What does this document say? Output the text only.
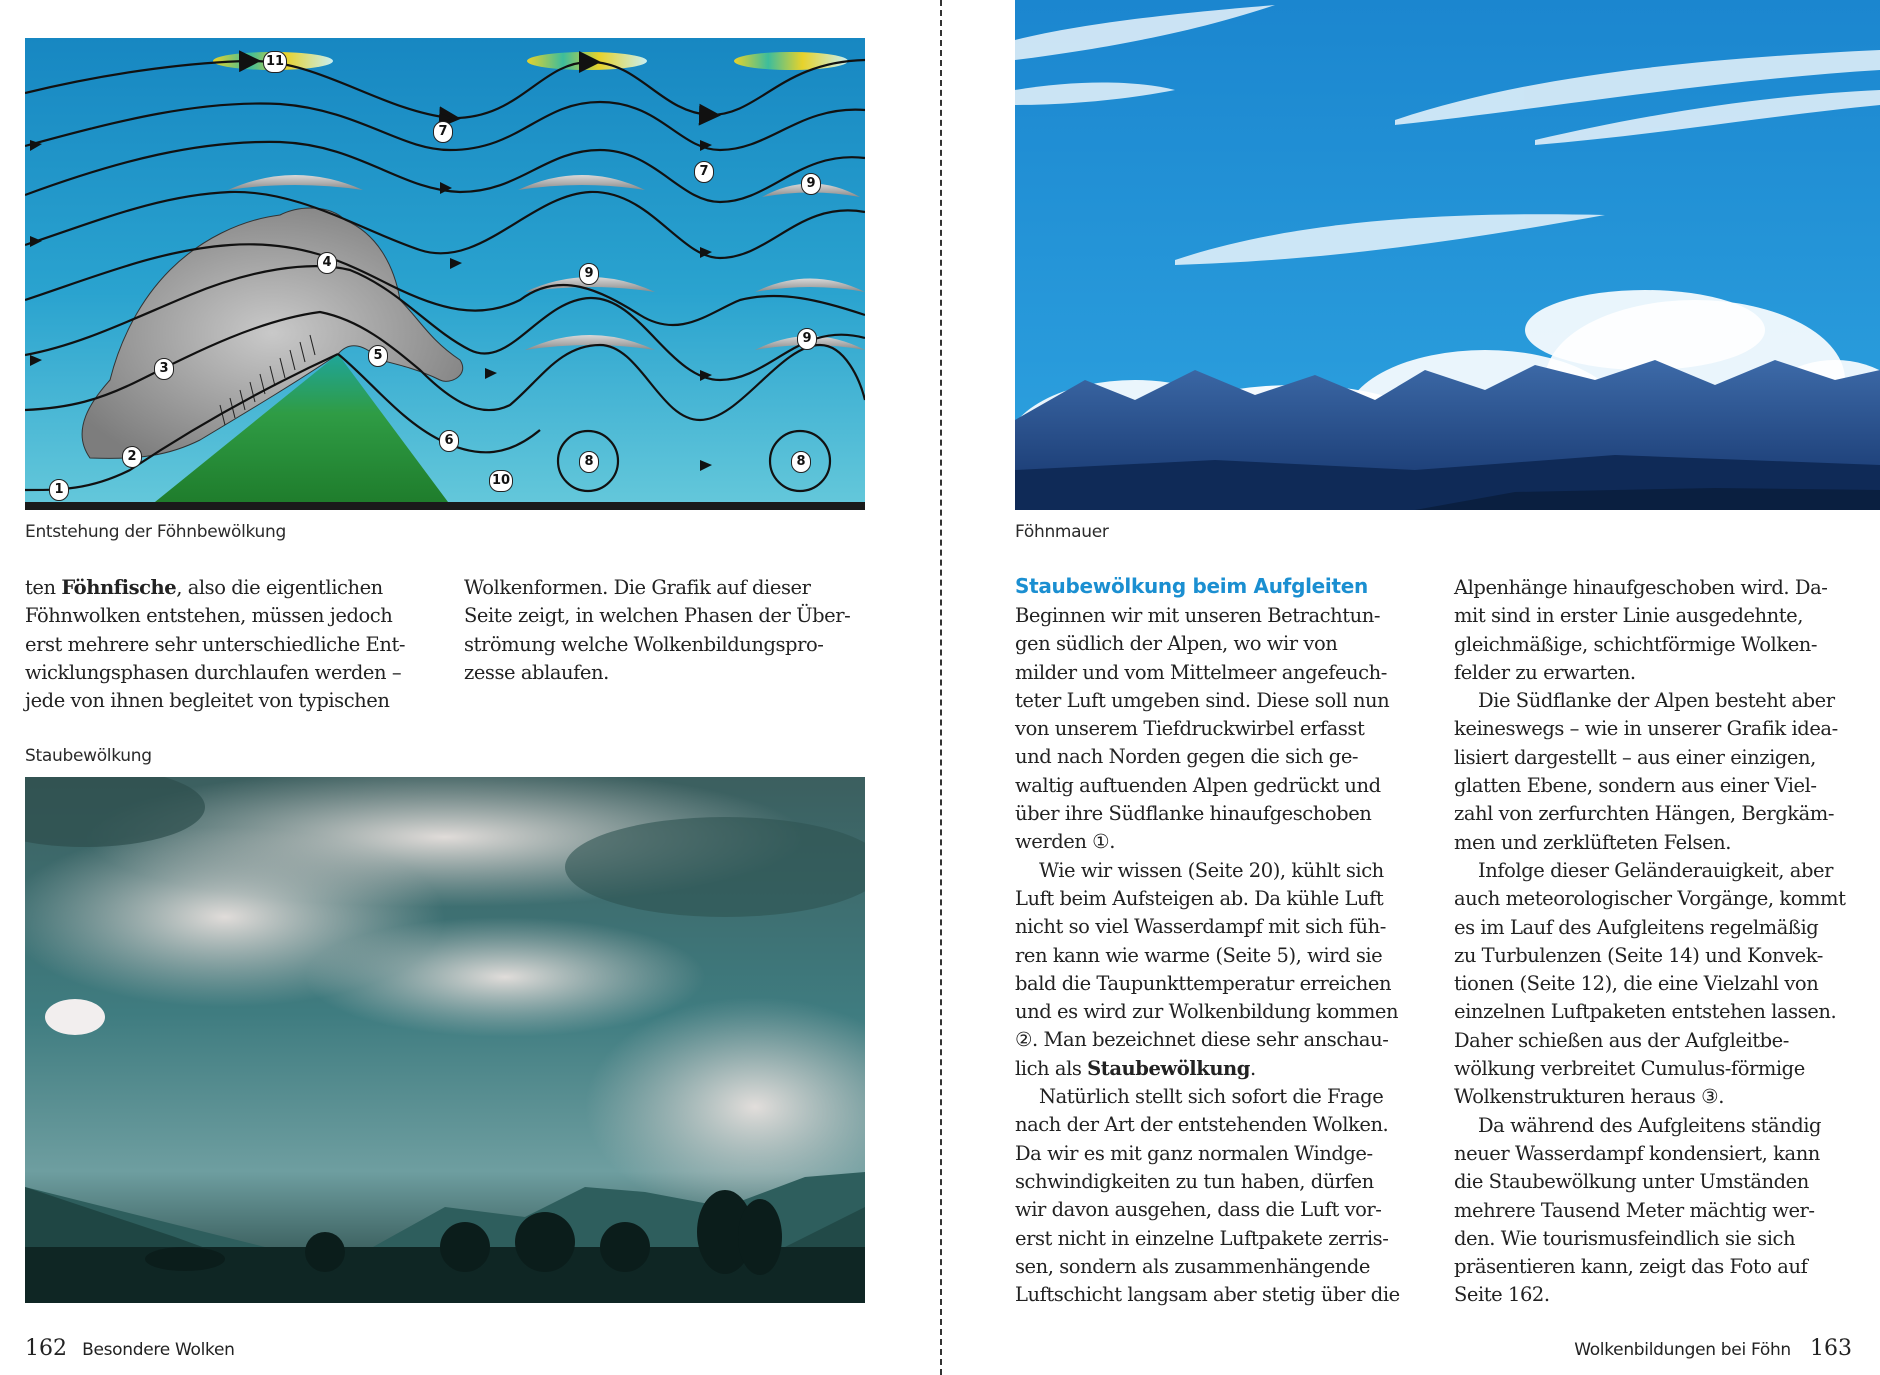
11
7
7
9
4
9
9
5
3
6
8	8
2
10
1
Entstehung der Föhnbewölkung
ten Föhnfische, also die eigentlichen
Föhnwolken entstehen, müssen jedoch
erst mehrere sehr unterschiedliche Ent-
wicklungsphasen durchlaufen werden –
jede von ihnen begleitet von typischen
Wolkenformen. Die Grafik auf dieser
Seite zeigt, in welchen Phasen der Über-
strömung welche Wolkenbildungspro-
zesse ablaufen.
Staubewölkung
162 Besondere Wolken
Föhnmauer
Staubewölkung beim Aufgleiten
Beginnen wir mit unseren Betrachtun-
gen südlich der Alpen, wo wir von
milder und vom Mittelmeer angefeuch-
teter Luft umgeben sind. Diese soll nun
von unserem Tiefdruckwirbel erfasst
und nach Norden gegen die sich ge-
waltig auftuenden Alpen gedrückt und
über ihre Südflanke hinaufgeschoben
werden ①.
Wie wir wissen (Seite 20), kühlt sich
Luft beim Aufsteigen ab. Da kühle Luft
nicht so viel Wasserdampf mit sich füh-
ren kann wie warme (Seite 5), wird sie
bald die Taupunkttemperatur erreichen
und es wird zur Wolkenbildung kommen
②. Man bezeichnet diese sehr anschau-
lich als Staubewölkung.
Natürlich stellt sich sofort die Frage
nach der Art der entstehenden Wolken.
Da wir es mit ganz normalen Windge-
schwindigkeiten zu tun haben, dürfen
wir davon ausgehen, dass die Luft vor-
erst nicht in einzelne Luftpakete zerris-
sen, sondern als zusammenhängende
Luftschicht langsam aber stetig über die
Alpenhänge hinaufgeschoben wird. Da-
mit sind in erster Linie ausgedehnte,
gleichmäßige, schichtförmige Wolken-
felder zu erwarten.
Die Südflanke der Alpen besteht aber
keineswegs – wie in unserer Grafik idea-
lisiert dargestellt – aus einer einzigen,
glatten Ebene, sondern aus einer Viel-
zahl von zerfurchten Hängen, Bergkäm-
men und zerklüfteten Felsen.
Infolge dieser Geländerauigkeit, aber
auch meteorologischer Vorgänge, kommt
es im Lauf des Aufgleitens regelmäßig
zu Turbulenzen (Seite 14) und Konvek-
tionen (Seite 12), die eine Vielzahl von
einzelnen Luftpaketen entstehen lassen.
Daher schießen aus der Aufgleitbe-
wölkung verbreitet Cumulus-förmige
Wolkenstrukturen heraus ③.
Da während des Aufgleitens ständig
neuer Wasserdampf kondensiert, kann
die Staubewölkung unter Umständen
mehrere Tausend Meter mächtig wer-
den. Wie tourismusfeindlich sie sich
präsentieren kann, zeigt das Foto auf
Seite 162.
Wolkenbildungen bei Föhn 163
